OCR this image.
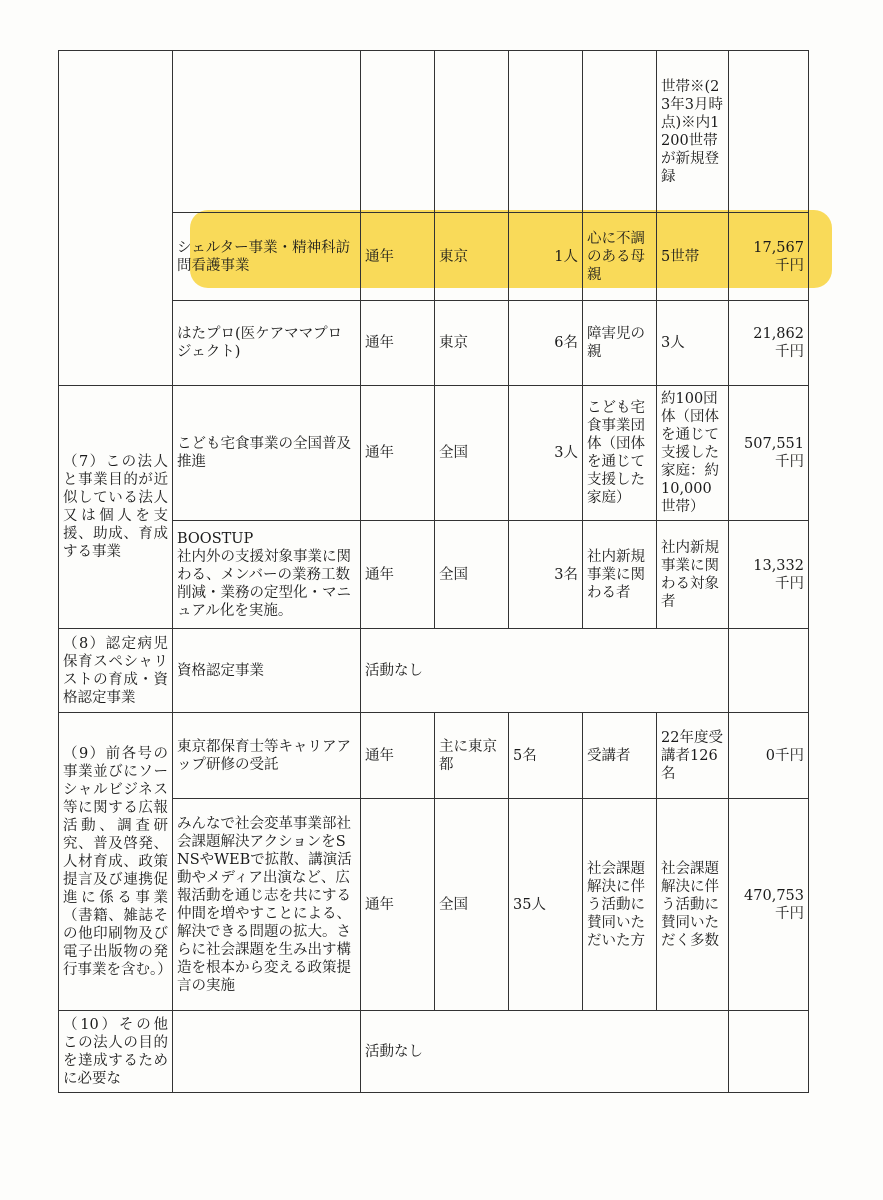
						世帯※(23年3月時点)※内1200世帯が新規登録	
	シェルター事業・精神科訪問看護事業	通年	東京	1人	心に不調のある母親	5世帯	17,567
千円

	はたプロ(医ケアママプロジェクト)	通年	東京	6名	障害児の親	3人	21,862
千円

（7）この法人と事業目的が近似している法人又は個人を支援、助成、育成する事業	こども宅食事業の全国普及推進	通年	全国	3人	こども宅食事業団体（団体を通じて支援した家庭）	約100団体（団体を通じて支援した家庭：約10,000世帯）	507,551
千円

	BOOSTUP
社内外の支援対象事業に関わる、メンバーの業務工数削減・業務の定型化・マニュアル化を実施。	通年	全国	3名	社内新規事業に関わる者	社内新規事業に関わる対象者	13,332
千円

（8）認定病児保育スペシャリストの育成・資格認定事業	資格認定事業	活動なし					
（9）前各号の事業並びにソーシャルビジネス等に関する広報活動、調査研究、普及啓発、人材育成、政策提言及び連携促進に係る事業（書籍、雑誌その他印刷物及び電子出版物の発行事業を含む。）	東京都保育士等キャリアアップ研修の受託	通年	主に東京都	5名	受講者	22年度受講者126名	0千円
	みんなで社会変革事業部社会課題解決アクションをSNSやWEBで拡散、講演活動やメディア出演など、広報活動を通じ志を共にする仲間を増やすことによる、解決できる問題の拡大。さらに社会課題を生み出す構造を根本から変える政策提言の実施	通年	全国	35人	社会課題解決に伴う活動に賛同いただいた方	社会課題解決に伴う活動に賛同いただく多数	470,753
千円

（10）その他この法人の目的を達成するために必要な		活動なし					
